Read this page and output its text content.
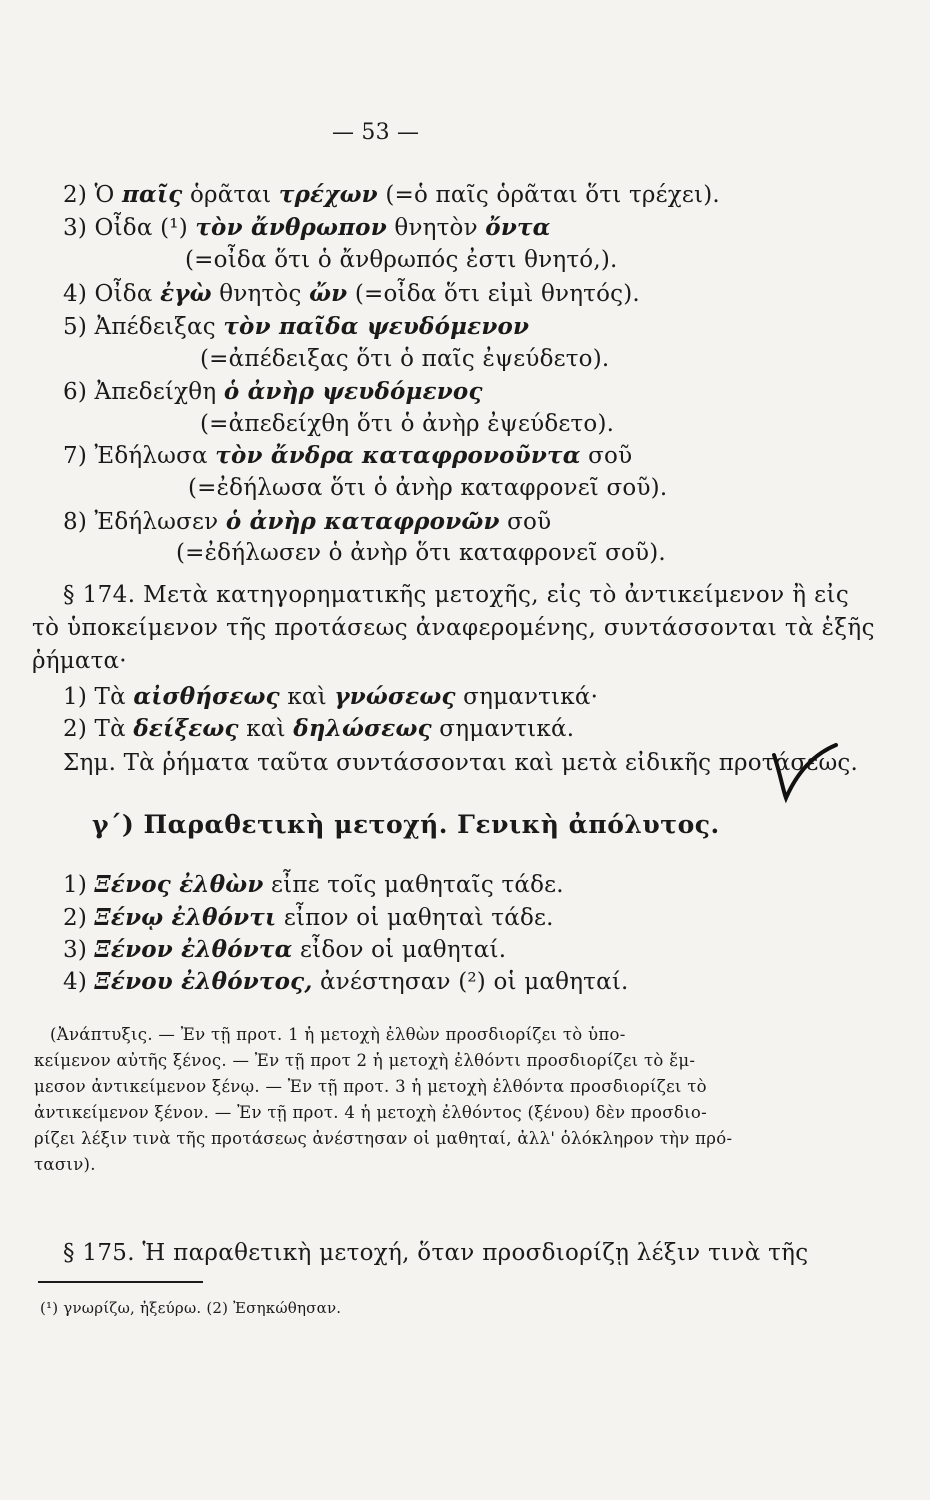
— 53 —
2) Ὁ παῖς ὁρᾶται τρέχων (=ὁ παῖς ὁρᾶται ὅτι τρέχει).
3) Οἶδα (¹) τὸν ἄνθρωπον θνητὸν ὄντα
(=οἶδα ὅτι ὁ ἄνθρωπός ἐστι θνητό,).
4) Οἶδα ἐγὼ θνητὸς ὤν (=οἶδα ὅτι εἰμὶ θνητός).
5) Ἀπέδειξας τὸν παῖδα ψευδόμενον
(=ἀπέδειξας ὅτι ὁ παῖς ἐψεύδετο).
6) Ἀπεδείχθη ὁ ἀνὴρ ψευδόμενος
(=ἀπεδείχθη ὅτι ὁ ἀνὴρ ἐψεύδετο).
7) Ἐδήλωσα τὸν ἄνδρα καταφρονοῦντα σοῦ
(=ἐδήλωσα ὅτι ὁ ἀνὴρ καταφρονεῖ σοῦ).
8) Ἐδήλωσεν ὁ ἀνὴρ καταφρονῶν σοῦ
(=ἐδήλωσεν ὁ ἀνὴρ ὅτι καταφρονεῖ σοῦ).
§ 174. Μετὰ κατηγορηματικῆς μετοχῆς, εἰς τὸ ἀντικείμενον ἢ εἰς
τὸ ὑποκείμενον τῆς προτάσεως ἀναφερομένης, συντάσσονται τὰ ἑξῆς
ῥήματα·
1) Τὰ αἰσθήσεως καὶ γνώσεως σημαντικά·
2) Τὰ δείξεως καὶ δηλώσεως σημαντικά.
Σημ. Τὰ ῥήματα ταῦτα συντάσσονται καὶ μετὰ εἰδικῆς προτάσεως.
γ΄) Παραθετικὴ μετοχή. Γενικὴ ἀπόλυτος.
1) Ξένος ἐλθὼν εἶπε τοῖς μαθηταῖς τάδε.
2) Ξένῳ ἐλθόντι εἶπον οἱ μαθηταὶ τάδε.
3) Ξένον ἐλθόντα εἶδον οἱ μαθηταί.
4) Ξένου ἐλθόντος, ἀνέστησαν (²) οἱ μαθηταί.
(Ἀνάπτυξις. — Ἐν τῇ προτ. 1 ἡ μετοχὴ ἐλθὼν προσδιορίζει τὸ ὑπο-
κείμενον αὐτῆς ξένος. — Ἐν τῇ προτ 2 ἡ μετοχὴ ἐλθόντι προσδιορίζει τὸ ἔμ-
μεσον ἀντικείμενον ξένῳ. — Ἐν τῇ προτ. 3 ἡ μετοχὴ ἐλθόντα προσδιορίζει τὸ
ἀντικείμενον ξένον. — Ἐν τῇ προτ. 4 ἡ μετοχὴ ἐλθόντος (ξένου) δὲν προσδιο-
ρίζει λέξιν τινὰ τῆς προτάσεως ἀνέστησαν οἱ μαθηταί, ἀλλ' ὁλόκληρον τὴν πρό-
τασιν).
§ 175. Ἡ παραθετικὴ μετοχή, ὅταν προσδιορίζῃ λέξιν τινὰ τῆς
(¹) γνωρίζω, ἠξεύρω. (2) Ἐσηκώθησαν.
